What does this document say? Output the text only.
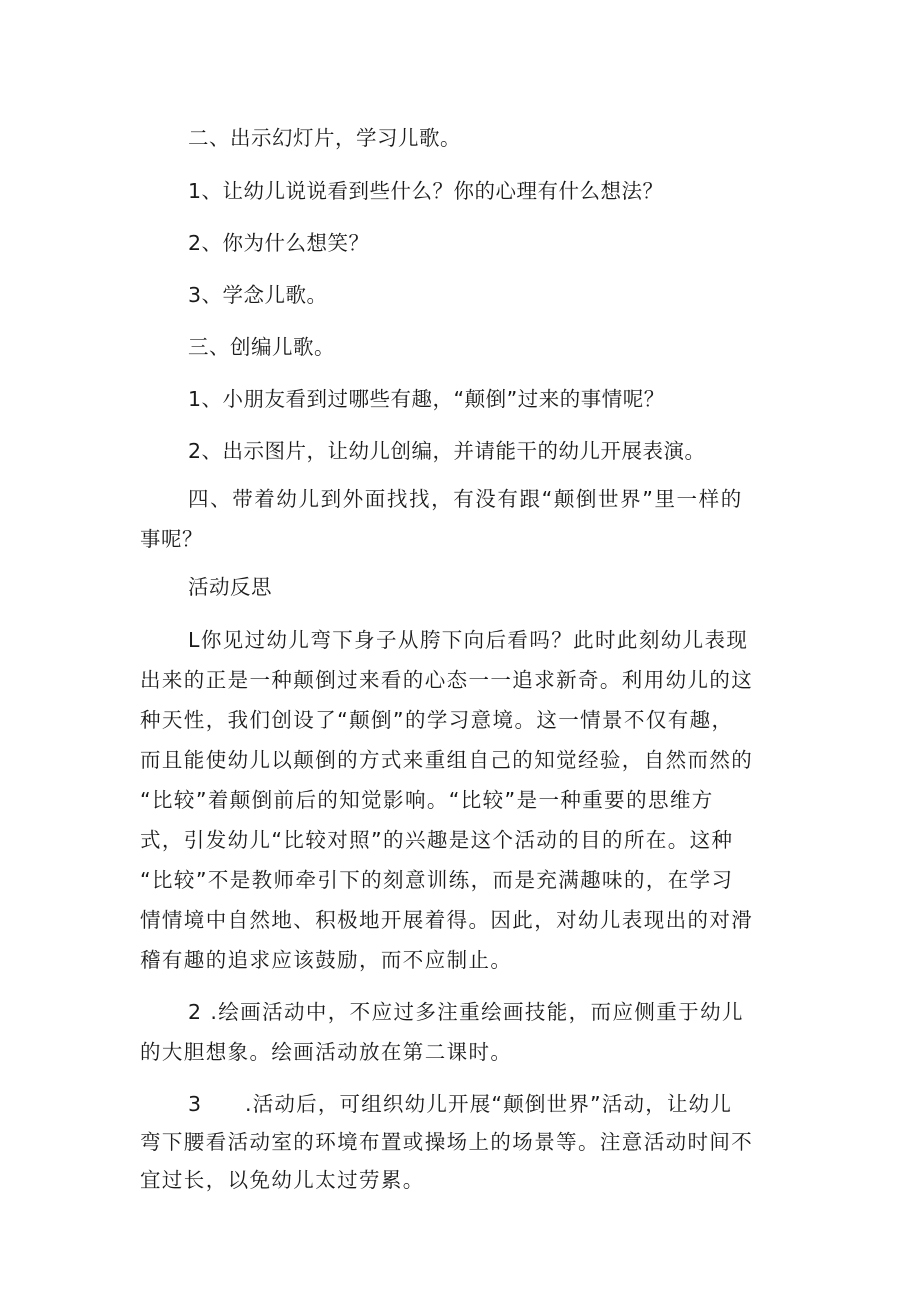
二、出示幻灯片，学习儿歌。
1、让幼儿说说看到些什么？你的心理有什么想法？
2、你为什么想笑？
3、学念儿歌。
三、创编儿歌。
1、小朋友看到过哪些有趣，“颠倒”过来的事情呢？
2、出示图片，让幼儿创编，并请能干的幼儿开展表演。
四、带着幼儿到外面找找，有没有跟“颠倒世界”里一样的
事呢？
活动反思
L你见过幼儿弯下身子从胯下向后看吗？此时此刻幼儿表现
出来的正是一种颠倒过来看的心态一一追求新奇。利用幼儿的这
种天性，我们创设了“颠倒”的学习意境。这一情景不仅有趣，
而且能使幼儿以颠倒的方式来重组自己的知觉经验，自然而然的
“比较”着颠倒前后的知觉影响。“比较”是一种重要的思维方
式，引发幼儿“比较对照”的兴趣是这个活动的目的所在。这种
“比较”不是教师牵引下的刻意训练，而是充满趣味的，在学习
情情境中自然地、积极地开展着得。因此，对幼儿表现出的对滑
稽有趣的追求应该鼓励，而不应制止。
2 .绘画活动中，不应过多注重绘画技能，而应侧重于幼儿
的大胆想象。绘画活动放在第二课时。
3	.活动后，可组织幼儿开展“颠倒世界”活动，让幼儿
弯下腰看活动室的环境布置或操场上的场景等。注意活动时间不
宜过长，以免幼儿太过劳累。
